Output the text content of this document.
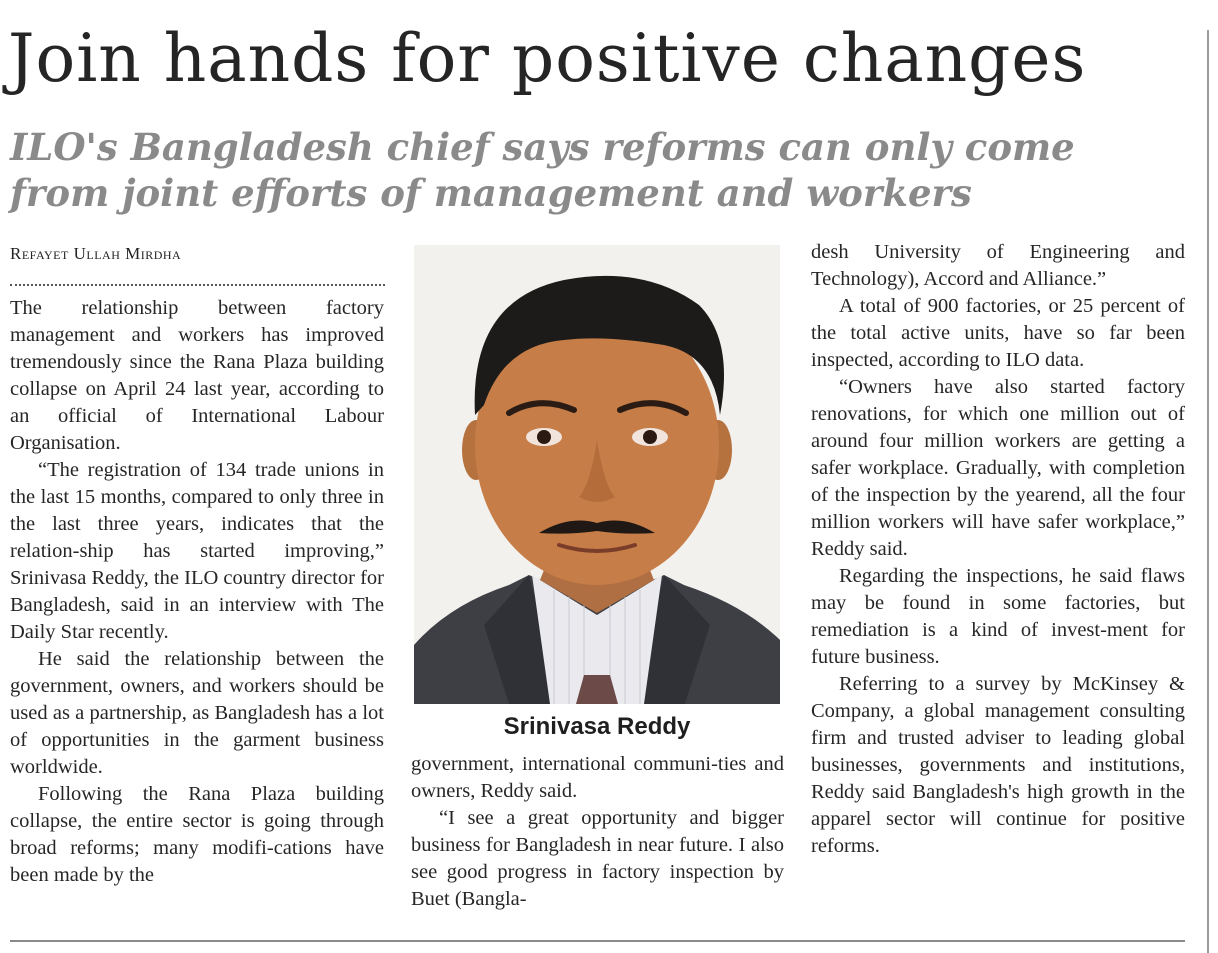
Join hands for positive changes
ILO's Bangladesh chief says reforms can only come
from joint efforts of management and workers
Refayet Ullah Mirdha

The relationship between factory management and workers has improved tremendously since the Rana Plaza building collapse on April 24 last year, according to an official of International Labour Organisation.

“The registration of 134 trade unions in the last 15 months, compared to only three in the last three years, indicates that the relation-ship has started improving,” Srinivasa Reddy, the ILO country director for Bangladesh, said in an interview with The Daily Star recently.

He said the relationship between the government, owners, and workers should be used as a partnership, as Bangladesh has a lot of opportunities in the garment business worldwide.

Following the Rana Plaza building collapse, the entire sector is going through broad reforms; many modifi-cations have been made by the

Srinivasa Reddy

government, international communi-ties and owners, Reddy said.

“I see a great opportunity and bigger business for Bangladesh in near future. I also see good progress in factory inspection by Buet (Bangla-

desh University of Engineering and Technology), Accord and Alliance.”

A total of 900 factories, or 25 percent of the total active units, have so far been inspected, according to ILO data.

“Owners have also started factory renovations, for which one million out of around four million workers are getting a safer workplace. Gradually, with completion of the inspection by the yearend, all the four million workers will have safer workplace,” Reddy said.

Regarding the inspections, he said flaws may be found in some factories, but remediation is a kind of invest-ment for future business.

Referring to a survey by McKinsey & Company, a global management consulting firm and trusted adviser to leading global businesses, governments and institutions, Reddy said Bangladesh's high growth in the apparel sector will continue for positive reforms.
